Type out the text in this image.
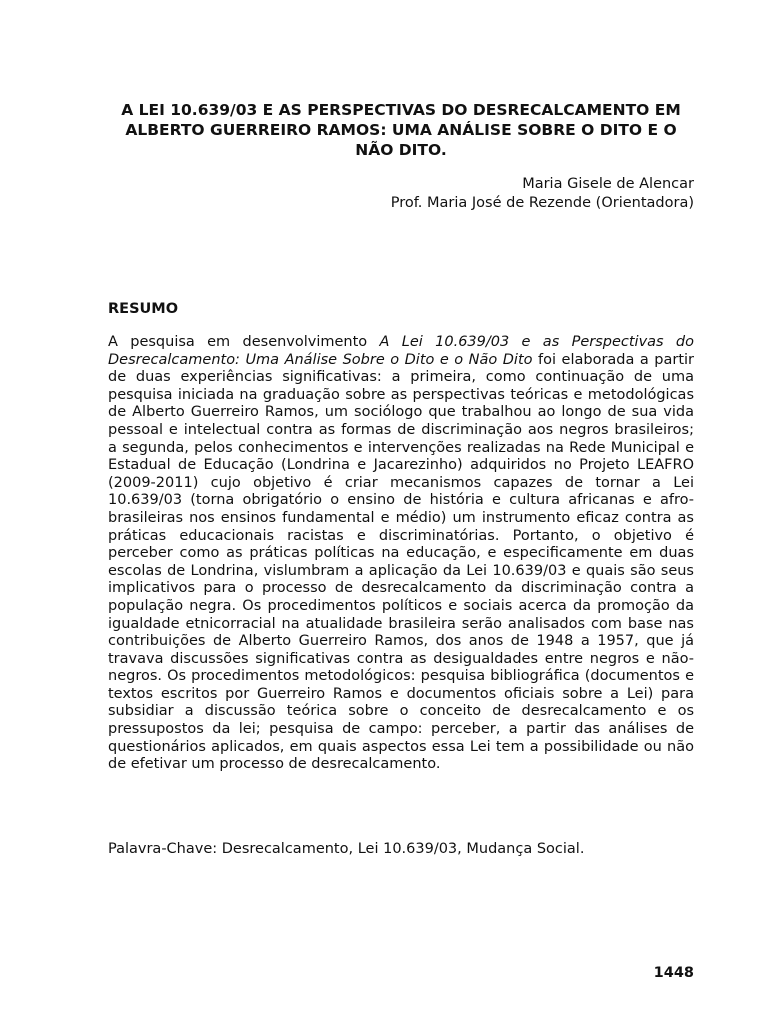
A LEI 10.639/03 E AS PERSPECTIVAS DO DESRECALCAMENTO EM ALBERTO GUERREIRO RAMOS: UMA ANÁLISE SOBRE O DITO E O NÃO DITO.
Maria Gisele de Alencar
Prof. Maria José de Rezende (Orientadora)
RESUMO

A pesquisa em desenvolvimento A Lei 10.639/03 e as Perspectivas do Desrecalcamento: Uma Análise Sobre o Dito e o Não Dito foi elaborada a partir de duas experiências significativas: a primeira, como continuação de uma pesquisa iniciada na graduação sobre as perspectivas teóricas e metodológicas de Alberto Guerreiro Ramos, um sociólogo que trabalhou ao longo de sua vida pessoal e intelectual contra as formas de discriminação aos negros brasileiros; a segunda, pelos conhecimentos e intervenções realizadas na Rede Municipal e Estadual de Educação (Londrina e Jacarezinho) adquiridos no Projeto LEAFRO (2009-2011) cujo objetivo é criar mecanismos capazes de tornar a Lei 10.639/03 (torna obrigatório o ensino de história e cultura africanas e afro-brasileiras nos ensinos fundamental e médio) um instrumento eficaz contra as práticas educacionais racistas e discriminatórias. Portanto, o objetivo é perceber como as práticas políticas na educação, e especificamente em duas escolas de Londrina, vislumbram a aplicação da Lei 10.639/03 e quais são seus implicativos para o processo de desrecalcamento da discriminação contra a população negra. Os procedimentos políticos e sociais acerca da promoção da igualdade etnicorracial na atualidade brasileira serão analisados com base nas contribuições de Alberto Guerreiro Ramos, dos anos de 1948 a 1957, que já travava discussões significativas contra as desigualdades entre negros e não-negros. Os procedimentos metodológicos: pesquisa bibliográfica (documentos e textos escritos por Guerreiro Ramos e documentos oficiais sobre a Lei) para subsidiar a discussão teórica sobre o conceito de desrecalcamento e os pressupostos da lei; pesquisa de campo: perceber, a partir das análises de questionários aplicados, em quais aspectos essa Lei tem a possibilidade ou não de efetivar um processo de desrecalcamento.

Palavra-Chave: Desrecalcamento, Lei 10.639/03, Mudança Social.
1448
